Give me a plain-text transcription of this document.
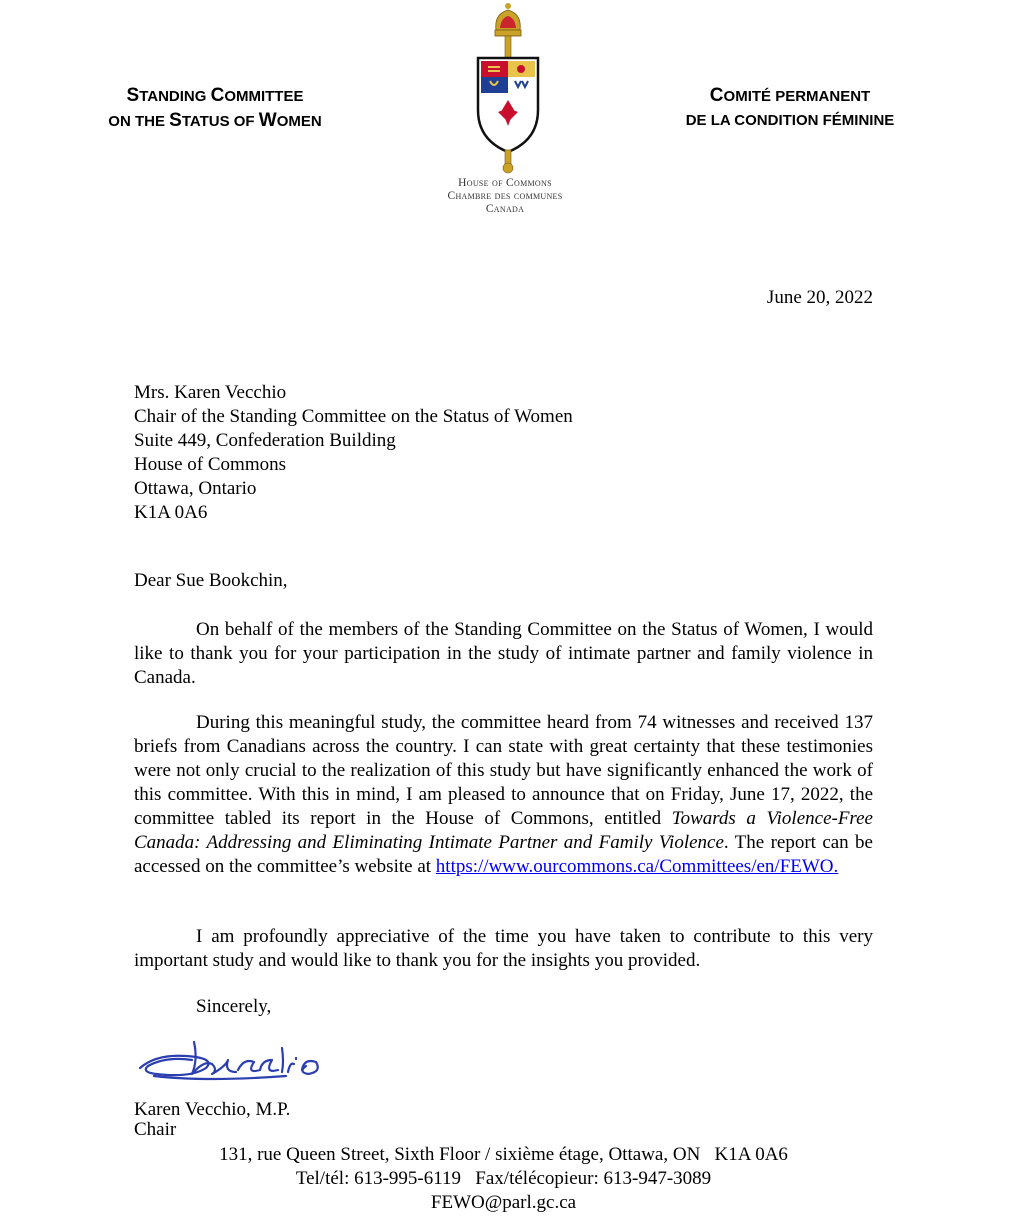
STANDING COMMITTEE
ON THE STATUS OF WOMEN
House of Commons
Chambre des communes
Canada
COMITÉ PERMANENT
DE LA CONDITION FÉMININE
June 20, 2022
Mrs. Karen Vecchio
Chair of the Standing Committee on the Status of Women
Suite 449, Confederation Building
House of Commons
Ottawa, Ontario
K1A 0A6
Dear Sue Bookchin,
On behalf of the members of the Standing Committee on the Status of Women, I would like to thank you for your participation in the study of intimate partner and family violence in Canada.
During this meaningful study, the committee heard from 74 witnesses and received 137 briefs from Canadians across the country. I can state with great certainty that these testimonies were not only crucial to the realization of this study but have significantly enhanced the work of this committee. With this in mind, I am pleased to announce that on Friday, June 17, 2022, the committee tabled its report in the House of Commons, entitled Towards a Violence-Free Canada: Addressing and Eliminating Intimate Partner and Family Violence. The report can be accessed on the committee’s website at https://www.ourcommons.ca/Committees/en/FEWO.
I am profoundly appreciative of the time you have taken to contribute to this very important study and would like to thank you for the insights you provided.
Sincerely,
Karen Vecchio, M.P.
Chair
131, rue Queen Street, Sixth Floor / sixième étage, Ottawa, ON   K1A 0A6
Tel/tél: 613-995-6119   Fax/télécopieur: 613-947-3089
FEWO@parl.gc.ca
